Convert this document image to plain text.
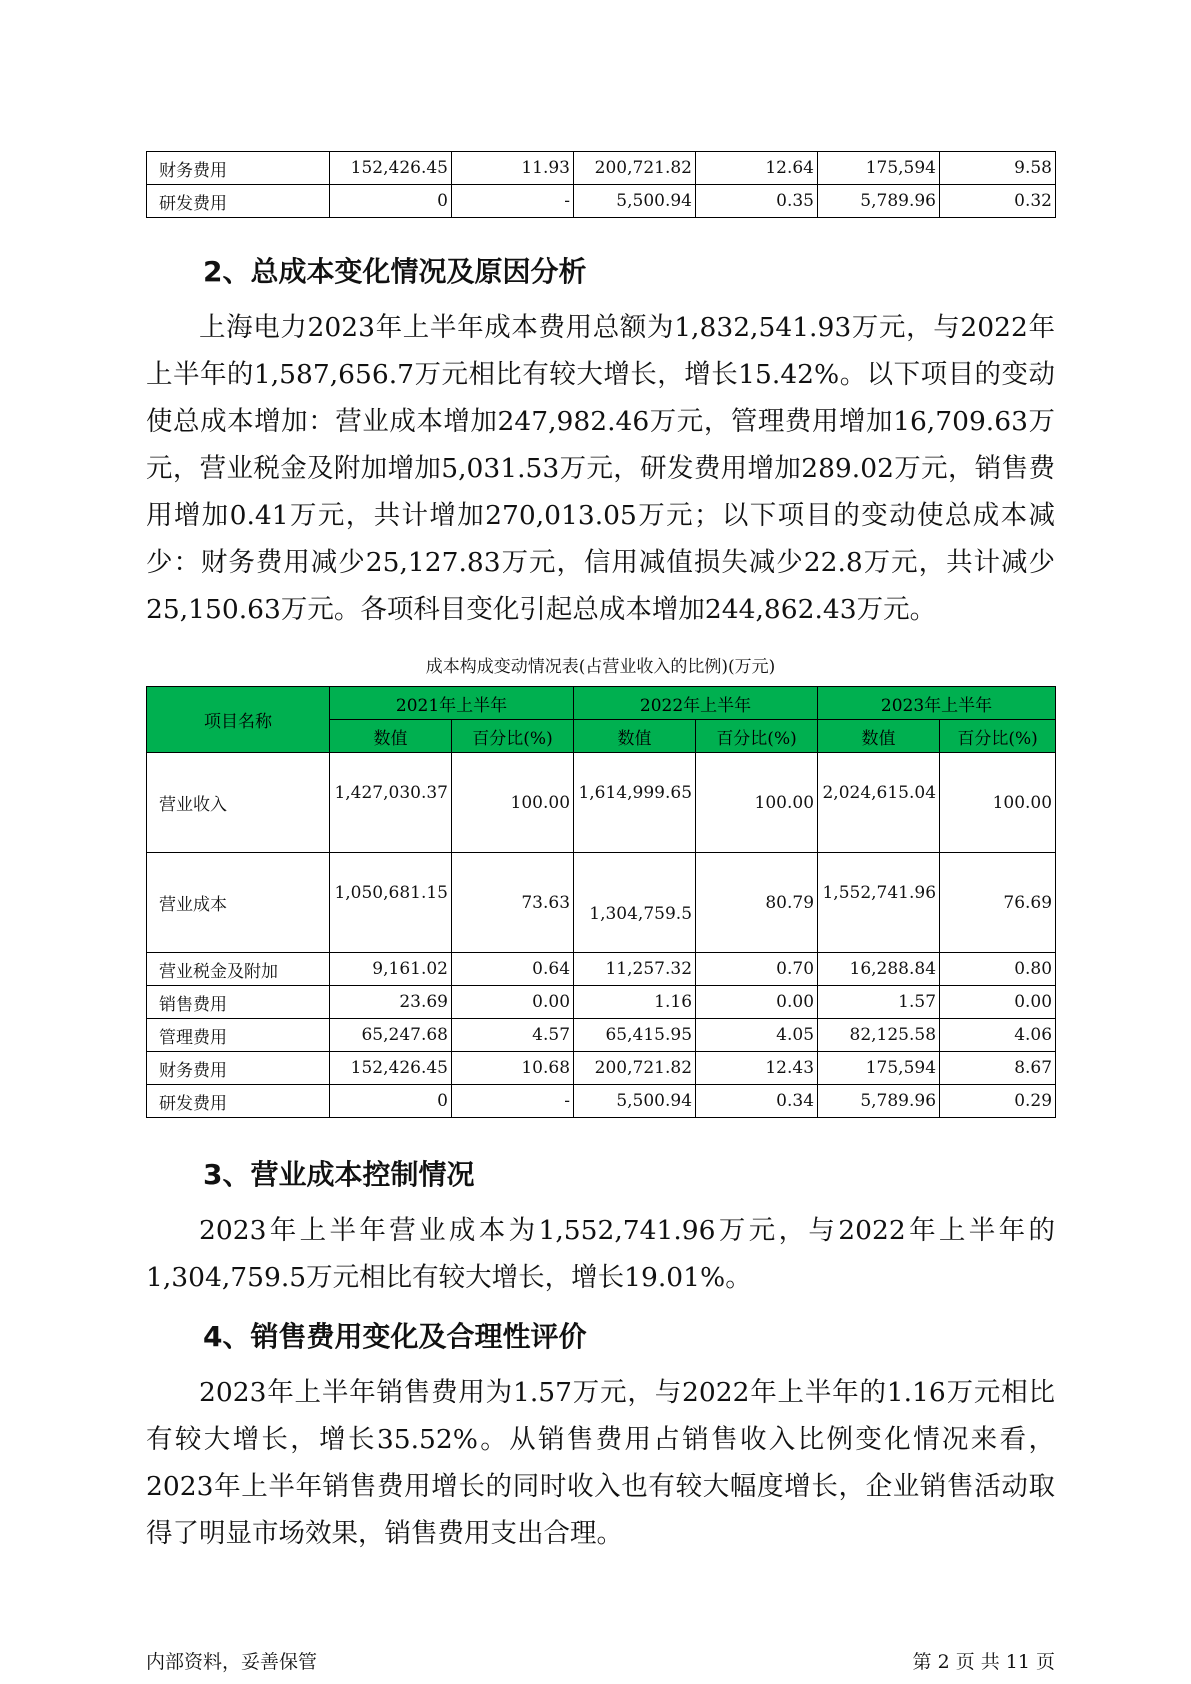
财务费用	152,426.45	11.93	200,721.82	12.64	175,594	9.58
研发费用	0	-	5,500.94	0.35	5,789.96	0.32
2、总成本变化情况及原因分析

上海电力2023年上半年成本费用总额为1,832,541.93万元，与2022年上半年的1,587,656.7万元相比有较大增长，增长15.42%。以下项目的变动使总成本增加：营业成本增加247,982.46万元，管理费用增加16,709.63万元，营业税金及附加增加5,031.53万元，研发费用增加289.02万元，销售费用增加0.41万元，共计增加270,013.05万元；以下项目的变动使总成本减少：财务费用减少25,127.83万元，信用减值损失减少22.8万元，共计减少25,150.63万元。各项科目变化引起总成本增加244,862.43万元。

成本构成变动情况表(占营业收入的比例)(万元)
项目名称	2021年上半年		2022年上半年		2023年上半年	
	数值	百分比(%)	数值	百分比(%)	数值	百分比(%)
营业收入	1,427,030.37	100.00	1,614,999.65	100.00	2,024,615.04	100.00
营业成本	1,050,681.15	73.63	1,304,759.5	80.79	1,552,741.96	76.69
营业税金及附加	9,161.02	0.64	11,257.32	0.70	16,288.84	0.80
销售费用	23.69	0.00	1.16	0.00	1.57	0.00
管理费用	65,247.68	4.57	65,415.95	4.05	82,125.58	4.06
财务费用	152,426.45	10.68	200,721.82	12.43	175,594	8.67
研发费用	0	-	5,500.94	0.34	5,789.96	0.29
3、营业成本控制情况

2023年上半年营业成本为1,552,741.96万元，与2022年上半年的1,304,759.5万元相比有较大增长，增长19.01%。

4、销售费用变化及合理性评价

2023年上半年销售费用为1.57万元，与2022年上半年的1.16万元相比有较大增长，增长35.52%。从销售费用占销售收入比例变化情况来看，2023年上半年销售费用增长的同时收入也有较大幅度增长，企业销售活动取得了明显市场效果，销售费用支出合理。

内部资料，妥善保管	第 2 页 共 11 页
